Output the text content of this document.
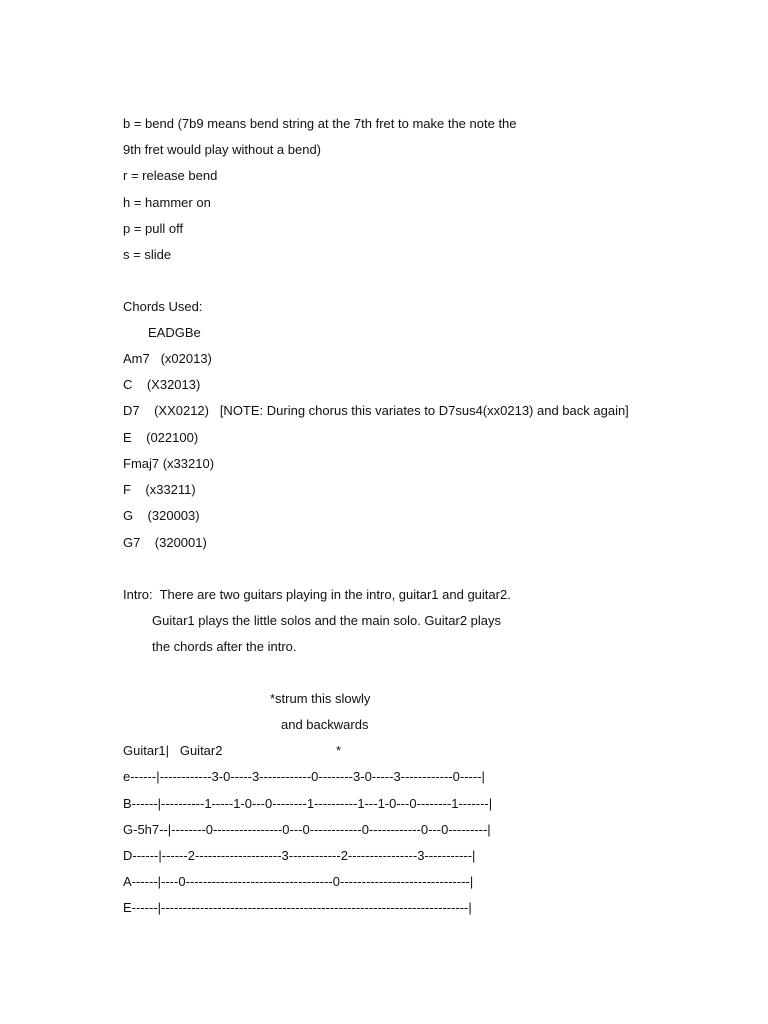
b = bend (7b9 means bend string at the 7th fret to make the note the
9th fret would play without a bend)
r = release bend
h = hammer on
p = pull off
s = slide
Chords Used:
EADGBe
Am7   (x02013)
C    (X32013)
D7    (XX0212)   [NOTE: During chorus this variates to D7sus4(xx0213) and back again]
E    (022100)
Fmaj7 (x33210)
F    (x33211)
G    (320003)
G7    (320001)
Intro:  There are two guitars playing in the intro, guitar1 and guitar2.
Guitar1 plays the little solos and the main solo. Guitar2 plays
the chords after the intro.
*strum this slowly
and backwards
Guitar1|   Guitar2	*
e------|------------3-0-----3------------0--------3-0-----3------------0-----|
B------|----------1-----1-0---0--------1----------1---1-0---0--------1-------|
G-5h7--|--------0----------------0---0------------0------------0---0---------|
D------|------2--------------------3------------2----------------3-----------|
A------|----0----------------------------------0------------------------------|
E------|-----------------------------------------------------------------------|
